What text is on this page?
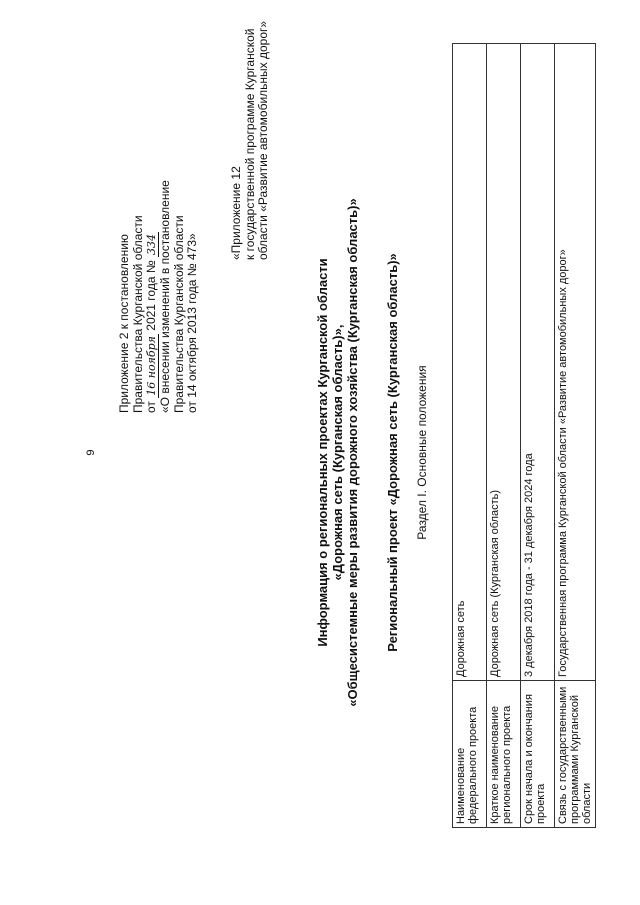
9
Приложение 2 к постановлению Правительства Курганской области от 16 ноября 2021 года № 334 «О внесении изменений в постановление Правительства Курганской области от 14 октября 2013 года № 473»
«Приложение 12 к государственной программе Курганской области «Развитие автомобильных дорог»
Информация о региональных проектах Курганской области «Дорожная сеть (Курганская область)», «Общесистемные меры развития дорожного хозяйства (Курганская область)» Региональный проект «Дорожная сеть (Курганская область)» Раздел I. Основные положения
Наименование федерального проекта	Дорожная сеть
Краткое наименование регионального проекта	Дорожная сеть (Курганская область)
Срок начала и окончания проекта	3 декабря 2018 года - 31 декабря 2024 года
Связь с государственными программами Курганской области	Государственная программа Курганской области «Развитие автомобильных дорог»
